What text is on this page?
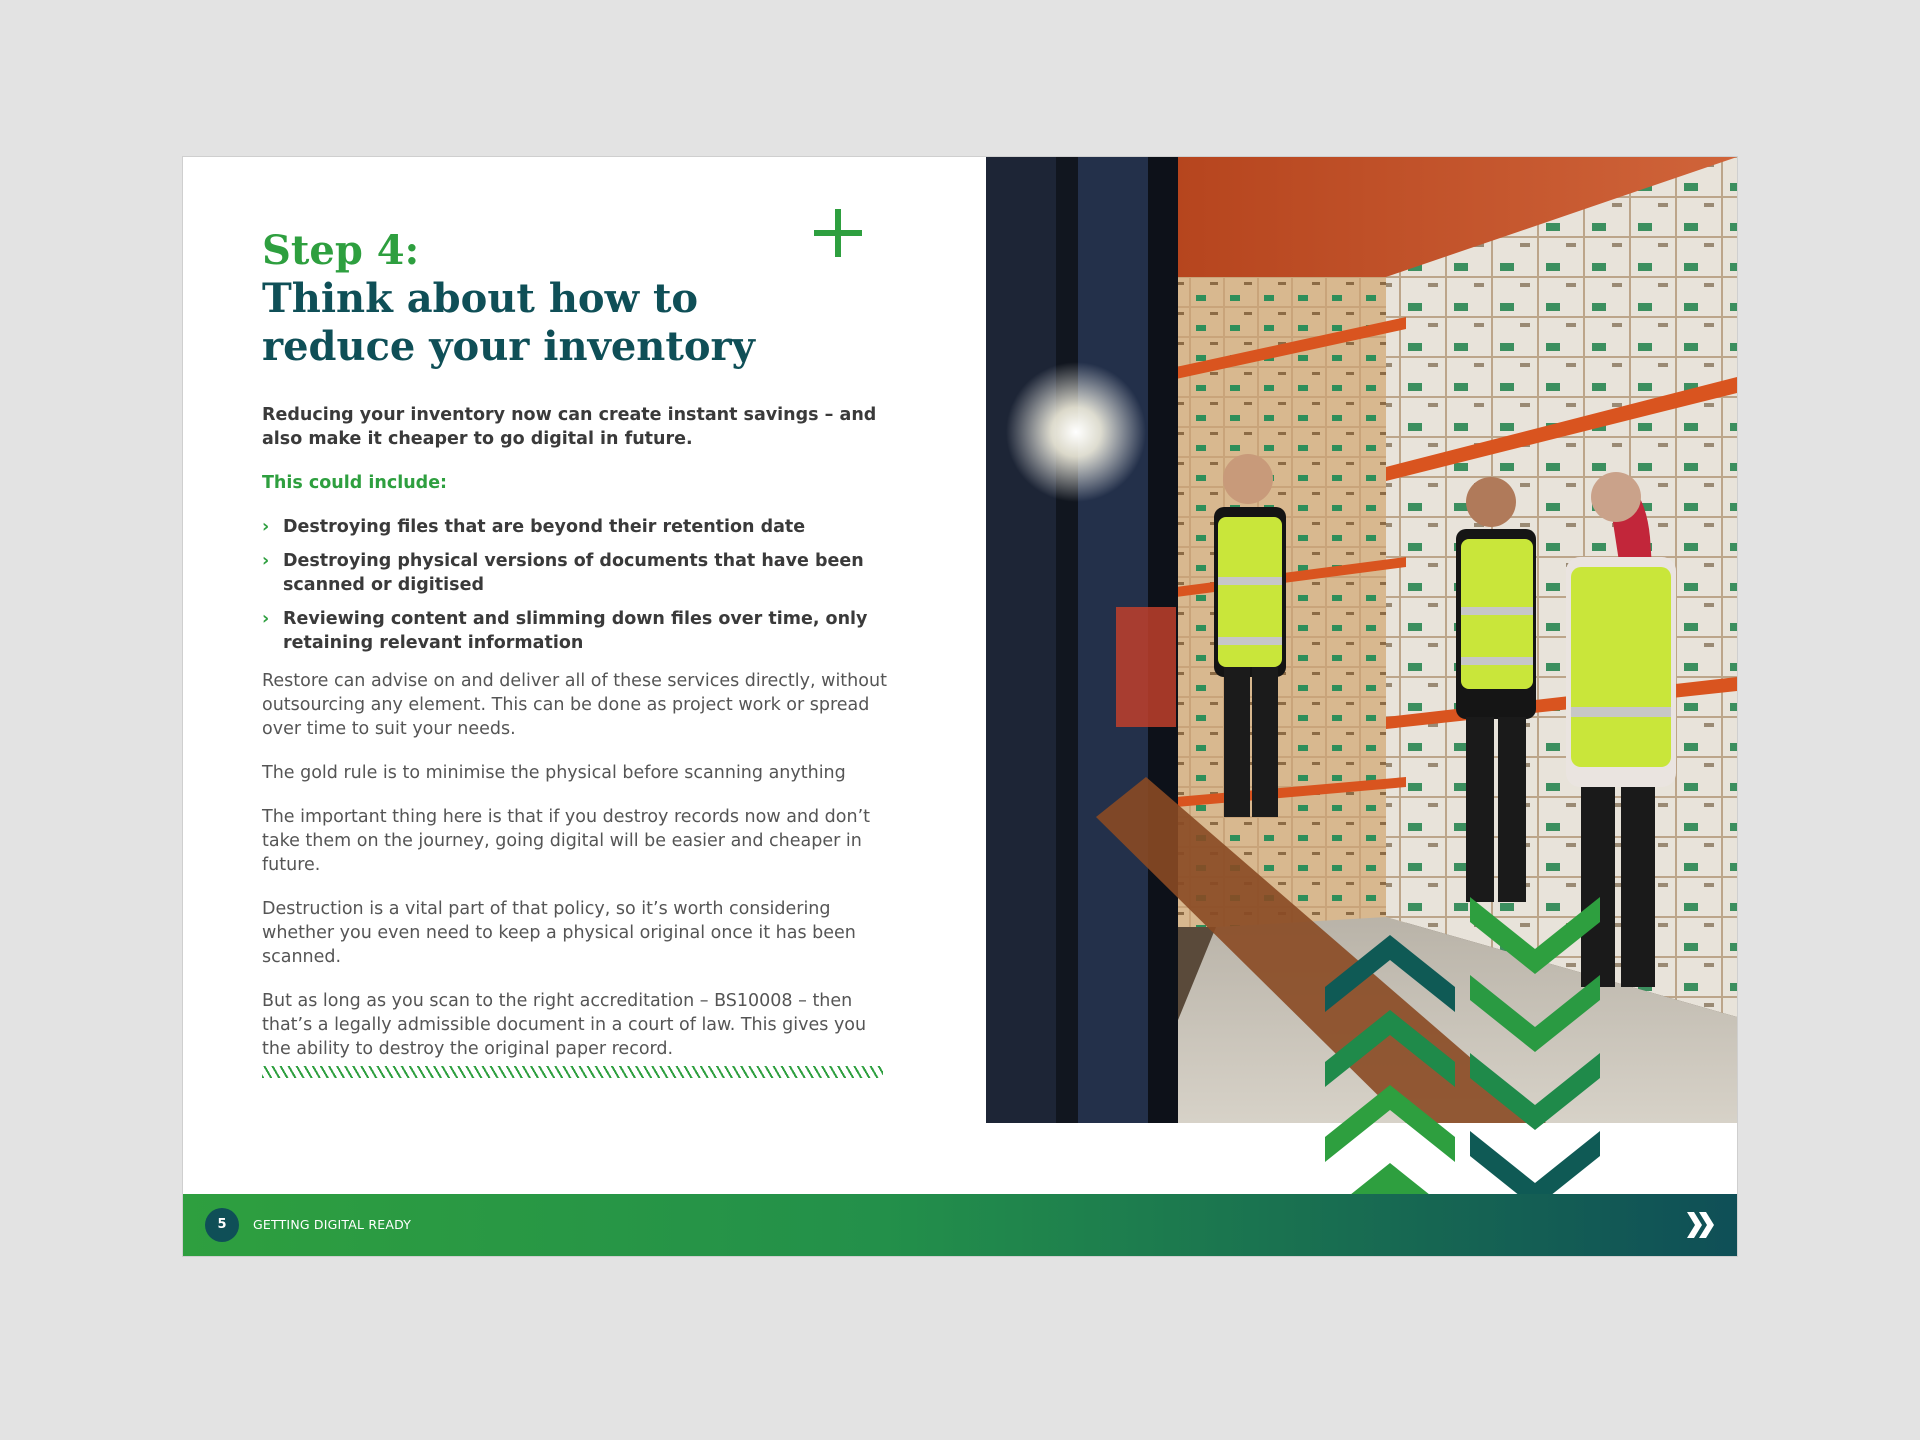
Step 4:
Think about how to
reduce your inventory

Reducing your inventory now can create instant savings – and also make it cheaper to go digital in future.

This could include:
› Destroying files that are beyond their retention date
› Destroying physical versions of documents that have been scanned or digitised
› Reviewing content and slimming down files over time, only retaining relevant information

Restore can advise on and deliver all of these services directly, without outsourcing any element. This can be done as project work or spread over time to suit your needs.

The gold rule is to minimise the physical before scanning anything

The important thing here is that if you destroy records now and don’t take them on the journey, going digital will be easier and cheaper in future.

Destruction is a vital part of that policy, so it’s worth considering whether you even need to keep a physical original once it has been scanned.

But as long as you scan to the right accreditation – BS10008 – then that’s a legally admissible document in a court of law. This gives you the ability to destroy the original paper record.

5	GETTING DIGITAL READY
